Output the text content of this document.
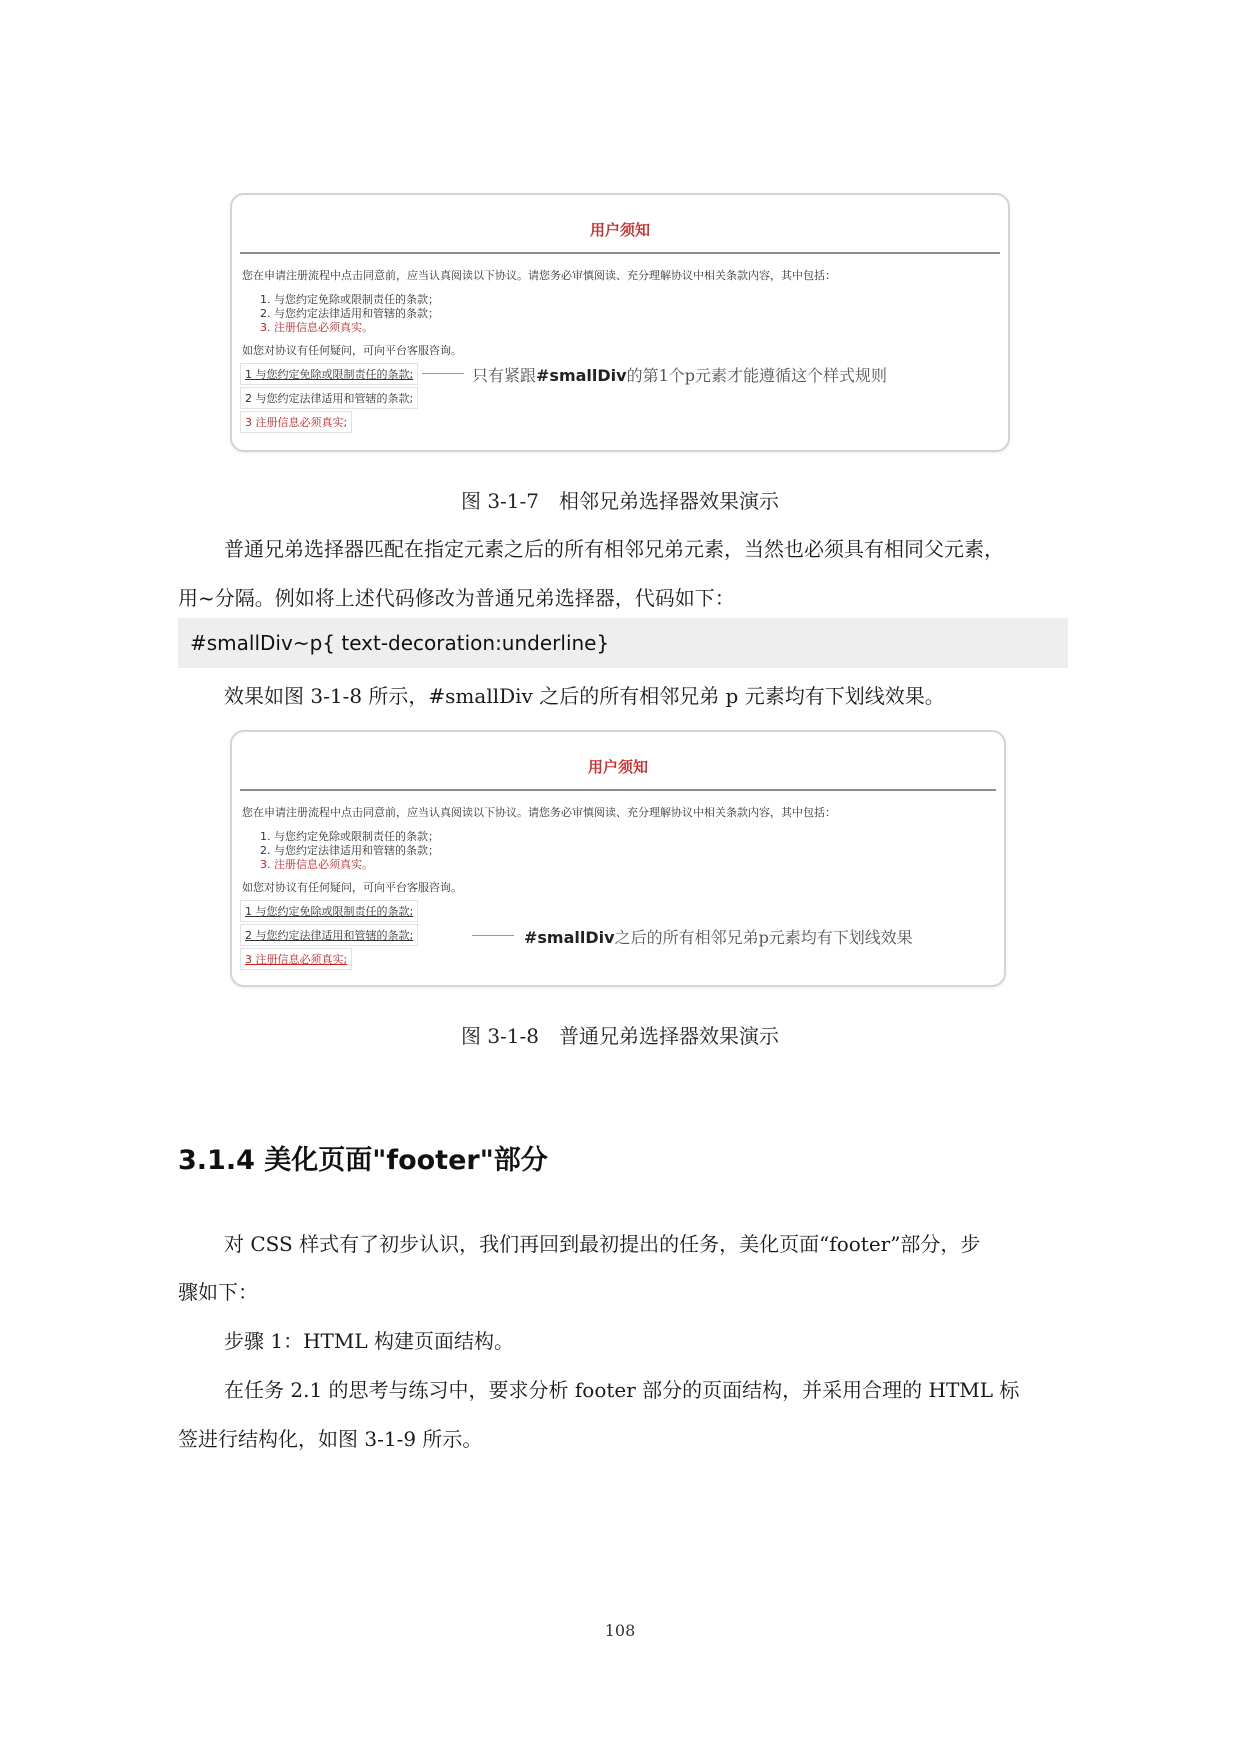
用户须知
您在申请注册流程中点击同意前，应当认真阅读以下协议。请您务必审慎阅读、充分理解协议中相关条款内容，其中包括：
1. 与您约定免除或限制责任的条款；
2. 与您约定法律适用和管辖的条款；
3. 注册信息必须真实。
如您对协议有任何疑问，可向平台客服咨询。
1 与您约定免除或限制责任的条款;
2 与您约定法律适用和管辖的条款;
3 注册信息必须真实;
只有紧跟#smallDiv的第1个p元素才能遵循这个样式规则
图 3-1-7　相邻兄弟选择器效果演示
普通兄弟选择器匹配在指定元素之后的所有相邻兄弟元素，当然也必须具有相同父元素，
用~分隔。例如将上述代码修改为普通兄弟选择器，代码如下：
#smallDiv~p{ text-decoration:underline}
效果如图 3-1-8 所示，#smallDiv 之后的所有相邻兄弟 p 元素均有下划线效果。
用户须知
您在申请注册流程中点击同意前，应当认真阅读以下协议。请您务必审慎阅读、充分理解协议中相关条款内容，其中包括：
1. 与您约定免除或限制责任的条款；
2. 与您约定法律适用和管辖的条款；
3. 注册信息必须真实。
如您对协议有任何疑问，可向平台客服咨询。
1 与您约定免除或限制责任的条款;
2 与您约定法律适用和管辖的条款;
3 注册信息必须真实;
#smallDiv之后的所有相邻兄弟p元素均有下划线效果
图 3-1-8　普通兄弟选择器效果演示
3.1.4 美化页面"footer"部分
对 CSS 样式有了初步认识，我们再回到最初提出的任务，美化页面“footer”部分，步
骤如下：
步骤 1：HTML 构建页面结构。
在任务 2.1 的思考与练习中，要求分析 footer 部分的页面结构，并采用合理的 HTML 标
签进行结构化，如图 3-1-9 所示。
108
